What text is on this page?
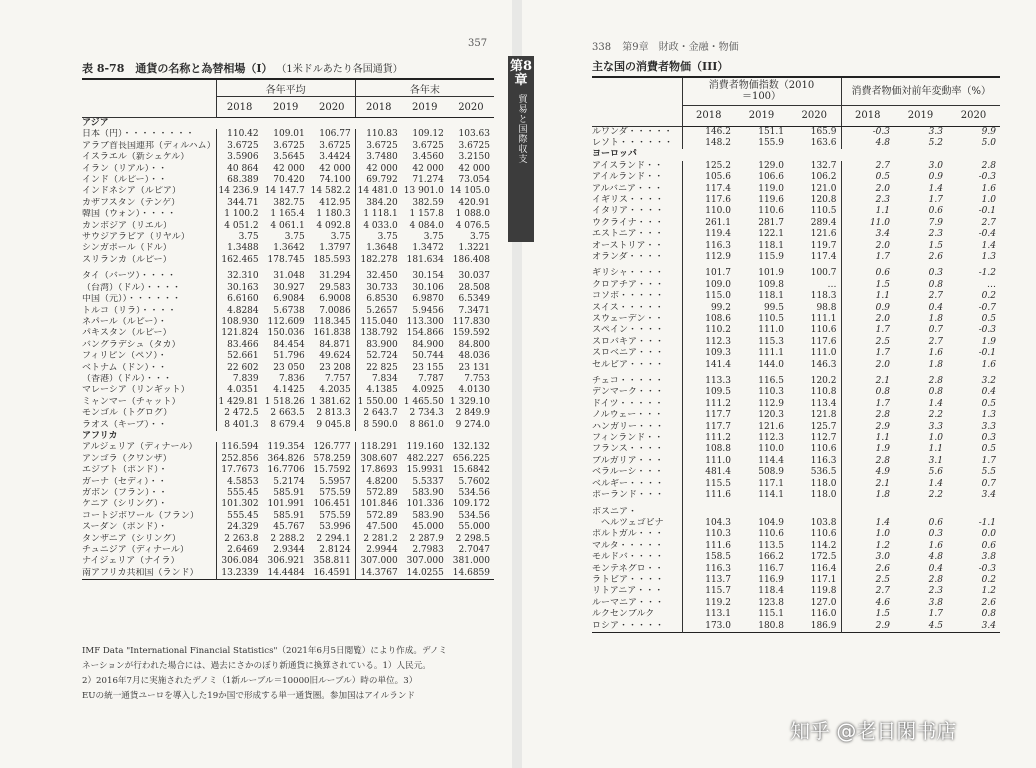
357
表 8-78　通貨の名称と為替相場（I） （1米ドルあたり各国通貨）
	各年平均			各年末		
	2018	2019	2020	2018	2019	2020
アジア						
日本（円）・・・・・・・・	110.42	109.01	106.77	110.83	109.12	103.63
アラブ首長国連邦（ディルハム）	3.6725	3.6725	3.6725	3.6725	3.6725	3.6725
イスラエル（新シェケル）	3.5906	3.5645	3.4424	3.7480	3.4560	3.2150
イラン（リアル）・・	40 864	42 000	42 000	42 000	42 000	42 000
インド（ルピー）・・	68.389	70.420	74.100	69.792	71.274	73.054
インドネシア（ルピア）	14 236.9	14 147.7	14 582.2	14 481.0	13 901.0	14 105.0
カザフスタン（テンゲ）	344.71	382.75	412.95	384.20	382.59	420.91
韓国（ウォン）・・・・	1 100.2	1 165.4	1 180.3	1 118.1	1 157.8	1 088.0
カンボジア（リエル）	4 051.2	4 061.1	4 092.8	4 033.0	4 084.0	4 076.5
サウジアラビア（リヤル）	3.75	3.75	3.75	3.75	3.75	3.75
シンガポール（ドル）	1.3488	1.3642	1.3797	1.3648	1.3472	1.3221
スリランカ（ルピー）	162.465	178.745	185.593	182.278	181.634	186.408

タイ（バーツ）・・・・	32.310	31.048	31.294	32.450	30.154	30.037
（台湾）（ドル）・・・・	30.163	30.927	29.583	30.733	30.106	28.508
中国（元））・・・・・・	6.6160	6.9084	6.9008	6.8530	6.9870	6.5349
トルコ（リラ）・・・・	4.8284	5.6738	7.0086	5.2657	5.9456	7.3471
ネパール（ルピー）・	108.930	112.609	118.345	115.040	113.300	117.830
パキスタン（ルピー）	121.824	150.036	161.838	138.792	154.866	159.592
バングラデシュ（タカ）	83.466	84.454	84.871	83.900	84.900	84.800
フィリピン（ペソ）・	52.661	51.796	49.624	52.724	50.744	48.036
ベトナム（ドン）・・	22 602	23 050	23 208	22 825	23 155	23 131
（香港）（ドル）・・・	7.839	7.836	7.757	7.834	7.787	7.753
マレーシア（リンギット）	4.0351	4.1425	4.2035	4.1385	4.0925	4.0130
ミャンマー（チャット）	1 429.81	1 518.26	1 381.62	1 550.00	1 465.50	1 329.10
モンゴル（トグログ）	2 472.5	2 663.5	2 813.3	2 643.7	2 734.3	2 849.9
ラオス（キープ）・・	8 401.3	8 679.4	9 045.8	8 590.0	8 861.0	9 274.0
アフリカ						
アルジェリア（ディナール）	116.594	119.354	126.777	118.291	119.160	132.132
アンゴラ（クワンザ）	252.856	364.826	578.259	308.607	482.227	656.225
エジプト（ポンド）・	17.7673	16.7706	15.7592	17.8693	15.9931	15.6842
ガーナ（セディ）・・	4.5853	5.2174	5.5957	4.8200	5.5337	5.7602
ガボン（フラン）・・	555.45	585.91	575.59	572.89	583.90	534.56
ケニア（シリング）・	101.302	101.991	106.451	101.846	101.336	109.172
コートジボワール（フラン）	555.45	585.91	575.59	572.89	583.90	534.56
スーダン（ポンド）・	24.329	45.767	53.996	47.500	45.000	55.000
タンザニア（シリング）	2 263.8	2 288.2	2 294.1	2 281.2	2 287.9	2 298.5
チュニジア（ディナール）	2.6469	2.9344	2.8124	2.9944	2.7983	2.7047
ナイジェリア（ナイラ）	306.084	306.921	358.811	307.000	307.000	381.000
南アフリカ共和国（ランド）	13.2339	14.4484	16.4591	14.3767	14.0255	14.6859
IMF Data "International Financial Statistics"（2021年6月5日閲覧）により作成。デノミ
ネーションが行われた場合には、過去にさかのぼり新通貨に換算されている。1）人民元。
2）2016年7月に実施されたデノミ（1新ルーブル＝10000旧ルーブル）時の単位。3）
EUの統一通貨ユーロを導入した19か国で形成する単一通貨圏。参加国はアイルランド
第8章
貿易と国際収支
338 第9章　財政・金融・物価
主な国の消費者物価（III）
	消費者物価指数（2010＝100）			消費者物価対前年変動率（%）		
	2018	2019	2020	2018	2019	2020
ルワンダ・・・・・	146.2	151.1	165.9	-0.3	3.3	9.9
レソト・・・・・・	148.2	155.9	163.6	4.8	5.2	5.0
ヨーロッパ						
アイスランド・・	125.2	129.0	132.7	2.7	3.0	2.8
アイルランド・・	105.6	106.6	106.2	0.5	0.9	-0.3
アルバニア・・・	117.4	119.0	121.0	2.0	1.4	1.6
イギリス・・・・	117.6	119.6	120.8	2.3	1.7	1.0
イタリア・・・・	110.0	110.6	110.5	1.1	0.6	-0.1
ウクライナ・・・	261.1	281.7	289.4	11.0	7.9	2.7
エストニア・・・	119.4	122.1	121.6	3.4	2.3	-0.4
オーストリア・・	116.3	118.1	119.7	2.0	1.5	1.4
オランダ・・・・	112.9	115.9	117.4	1.7	2.6	1.3

ギリシャ・・・・	101.7	101.9	100.7	0.6	0.3	-1.2
クロアチア・・・	109.0	109.8	…	1.5	0.8	…
コソボ・・・・・	115.0	118.1	118.3	1.1	2.7	0.2
スイス・・・・・	99.2	99.5	98.8	0.9	0.4	-0.7
スウェーデン・・	108.6	110.5	111.1	2.0	1.8	0.5
スペイン・・・・	110.2	111.0	110.6	1.7	0.7	-0.3
スロバキア・・・	112.3	115.3	117.6	2.5	2.7	1.9
スロベニア・・・	109.3	111.1	111.0	1.7	1.6	-0.1
セルビア・・・・	141.4	144.0	146.3	2.0	1.8	1.6

チェコ・・・・・	113.3	116.5	120.2	2.1	2.8	3.2
デンマーク・・・	109.5	110.3	110.8	0.8	0.8	0.4
ドイツ・・・・・	111.2	112.9	113.4	1.7	1.4	0.5
ノルウェー・・・	117.7	120.3	121.8	2.8	2.2	1.3
ハンガリー・・・	117.7	121.6	125.7	2.9	3.3	3.3
フィンランド・・	111.2	112.3	112.7	1.1	1.0	0.3
フランス・・・・	108.8	110.0	110.6	1.9	1.1	0.5
ブルガリア・・・	111.0	114.4	116.3	2.8	3.1	1.7
ベラルーシ・・・	481.4	508.9	536.5	4.9	5.6	5.5
ベルギー・・・・	115.5	117.1	118.0	2.1	1.4	0.7
ポーランド・・・	111.6	114.1	118.0	1.8	2.2	3.4

ボスニア・						
　ヘルツェゴビナ	104.3	104.9	103.8	1.4	0.6	-1.1
ポルトガル・・・	110.3	110.6	110.6	1.0	0.3	0.0
マルタ・・・・・	111.6	113.5	114.2	1.2	1.6	0.6
モルドバ・・・・	158.5	166.2	172.5	3.0	4.8	3.8
モンテネグロ・・	116.3	116.7	116.4	2.6	0.4	-0.3
ラトビア・・・・	113.7	116.9	117.1	2.5	2.8	0.2
リトアニア・・・	115.7	118.4	119.8	2.7	2.3	1.2
ルーマニア・・・	119.2	123.8	127.0	4.6	3.8	2.6
ルクセンブルク	113.1	115.1	116.0	1.5	1.7	0.8
ロシア・・・・・	173.0	180.8	186.9	2.9	4.5	3.4
知乎 @老日閑书店
